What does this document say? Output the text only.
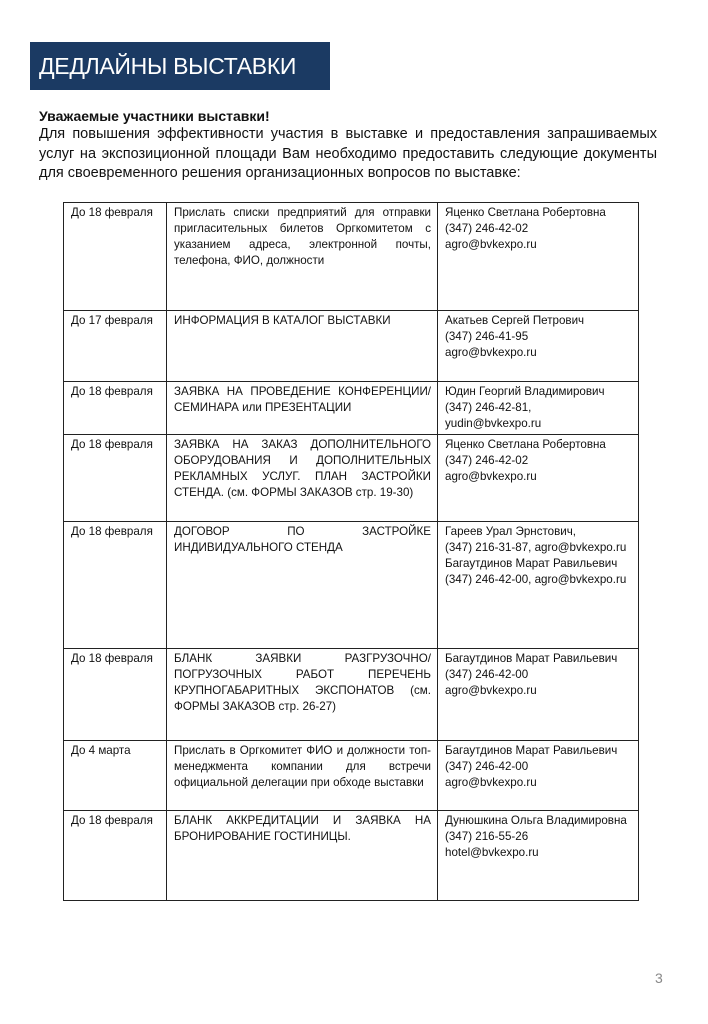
ДЕДЛАЙНЫ ВЫСТАВКИ
Уважаемые участники выставки!
Для повышения эффективности участия в выставке и предоставления запрашиваемых услуг на экспозиционной площади Вам необходимо предоставить следующие документы для своевременного решения организационных вопросов по выставке:
До 18 февраля	Прислать списки предприятий для отправки пригласительных билетов Оргкомитетом с указанием адреса, электронной почты, телефона, ФИО, должности	Яценко Светлана Робертовна
(347) 246-42-02
agro@bvkexpo.ru

До 17 февраля	ИНФОРМАЦИЯ В КАТАЛОГ ВЫСТАВКИ	Акатьев Сергей Петрович
(347) 246-41-95
agro@bvkexpo.ru

До 18 февраля	ЗАЯВКА НА ПРОВЕДЕНИЕ КОНФЕРЕНЦИИ/ СЕМИНАРА или ПРЕЗЕНТАЦИИ	Юдин Георгий Владимирович
(347) 246-42-81,
yudin@bvkexpo.ru

До 18 февраля	ЗАЯВКА НА ЗАКАЗ ДОПОЛНИТЕЛЬНОГО ОБОРУДОВАНИЯ И ДОПОЛНИТЕЛЬНЫХ РЕКЛАМНЫХ УСЛУГ. ПЛАН ЗАСТРОЙКИ СТЕНДА. (см. ФОРМЫ ЗАКАЗОВ стр. 19-30)	Яценко Светлана Робертовна
(347) 246-42-02
agro@bvkexpo.ru

До 18 февраля	ДОГОВОР ПО ЗАСТРОЙКЕ ИНДИВИДУАЛЬНОГО СТЕНДА	Гареев Урал Эрнстович,
(347) 216-31-87, agro@bvkexpo.ru
Багаутдинов Марат Равильевич
(347) 246-42-00, agro@bvkexpo.ru

До 18 февраля	БЛАНК ЗАЯВКИ РАЗГРУЗОЧНО/ПОГРУЗОЧНЫХ РАБОТ ПЕРЕЧЕНЬ КРУПНОГАБАРИТНЫХ ЭКСПОНАТОВ (см. ФОРМЫ ЗАКАЗОВ стр. 26-27)	Багаутдинов Марат Равильевич
(347) 246-42-00
agro@bvkexpo.ru

До 4 марта	Прислать в Оргкомитет ФИО и должности топ-менеджмента компании для встречи официальной делегации при обходе выставки	Багаутдинов Марат Равильевич
(347) 246-42-00
agro@bvkexpo.ru

До 18 февраля	БЛАНК АККРЕДИТАЦИИ И ЗАЯВКА НА БРОНИРОВАНИЕ ГОСТИНИЦЫ.	Дунюшкина Ольга Владимировна
(347) 216-55-26
hotel@bvkexpo.ru
3
